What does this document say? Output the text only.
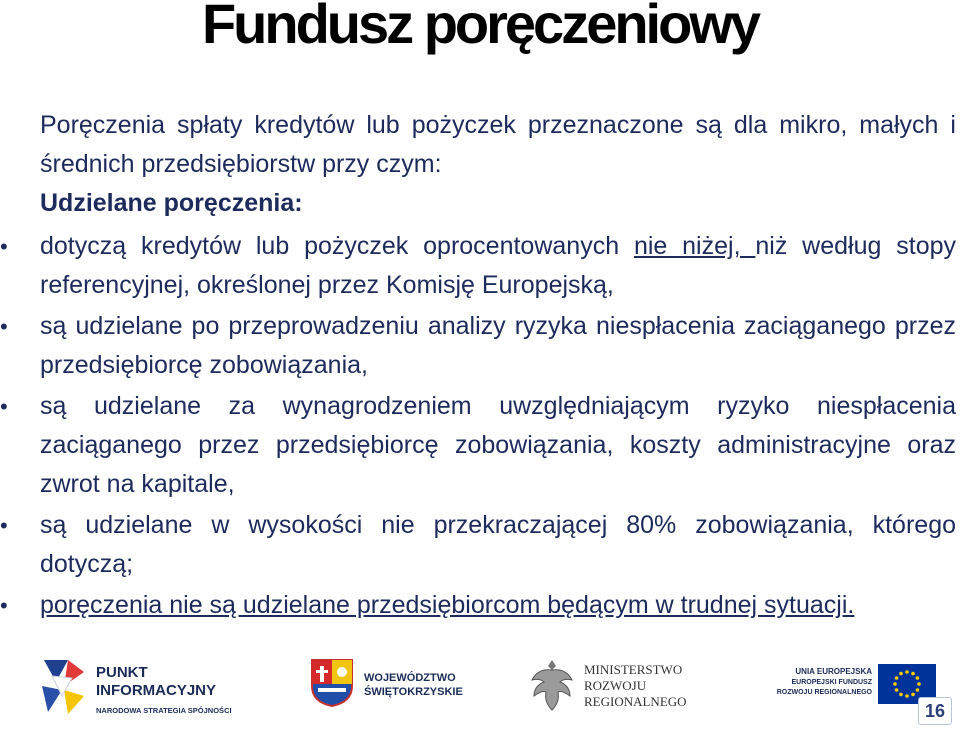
Fundusz poręczeniowy

Poręczenia spłaty kredytów lub pożyczek przeznaczone są dla mikro, małych i średnich przedsiębiorstw przy czym:

Udzielane poręczenia:

• dotyczą kredytów lub pożyczek oprocentowanych nie niżej, niż według stopy referencyjnej, określonej przez Komisję Europejską,
• są udzielane po przeprowadzeniu analizy ryzyka niespłacenia zaciąganego przez przedsiębiorcę zobowiązania,
• są udzielane za wynagrodzeniem uwzględniającym ryzyko niespłacenia zaciąganego przez przedsiębiorcę zobowiązania, koszty administracyjne oraz zwrot na kapitale,
• są udzielane w wysokości nie przekraczającej 80% zobowiązania, którego dotyczą;
• poręczenia nie są udzielane przedsiębiorcom będącym w trudnej sytuacji.
PUNKT
INFORMACYJNY
NARODOWA STRATEGIA SPÓJNOŚCI
WOJEWÓDZTWO
ŚWIĘTOKRZYSKIE
MINISTERSTWO
ROZWOJU
REGIONALNEGO
UNIA EUROPEJSKA
EUROPEJSKI FUNDUSZ
ROZWOJU REGIONALNEGO
16
